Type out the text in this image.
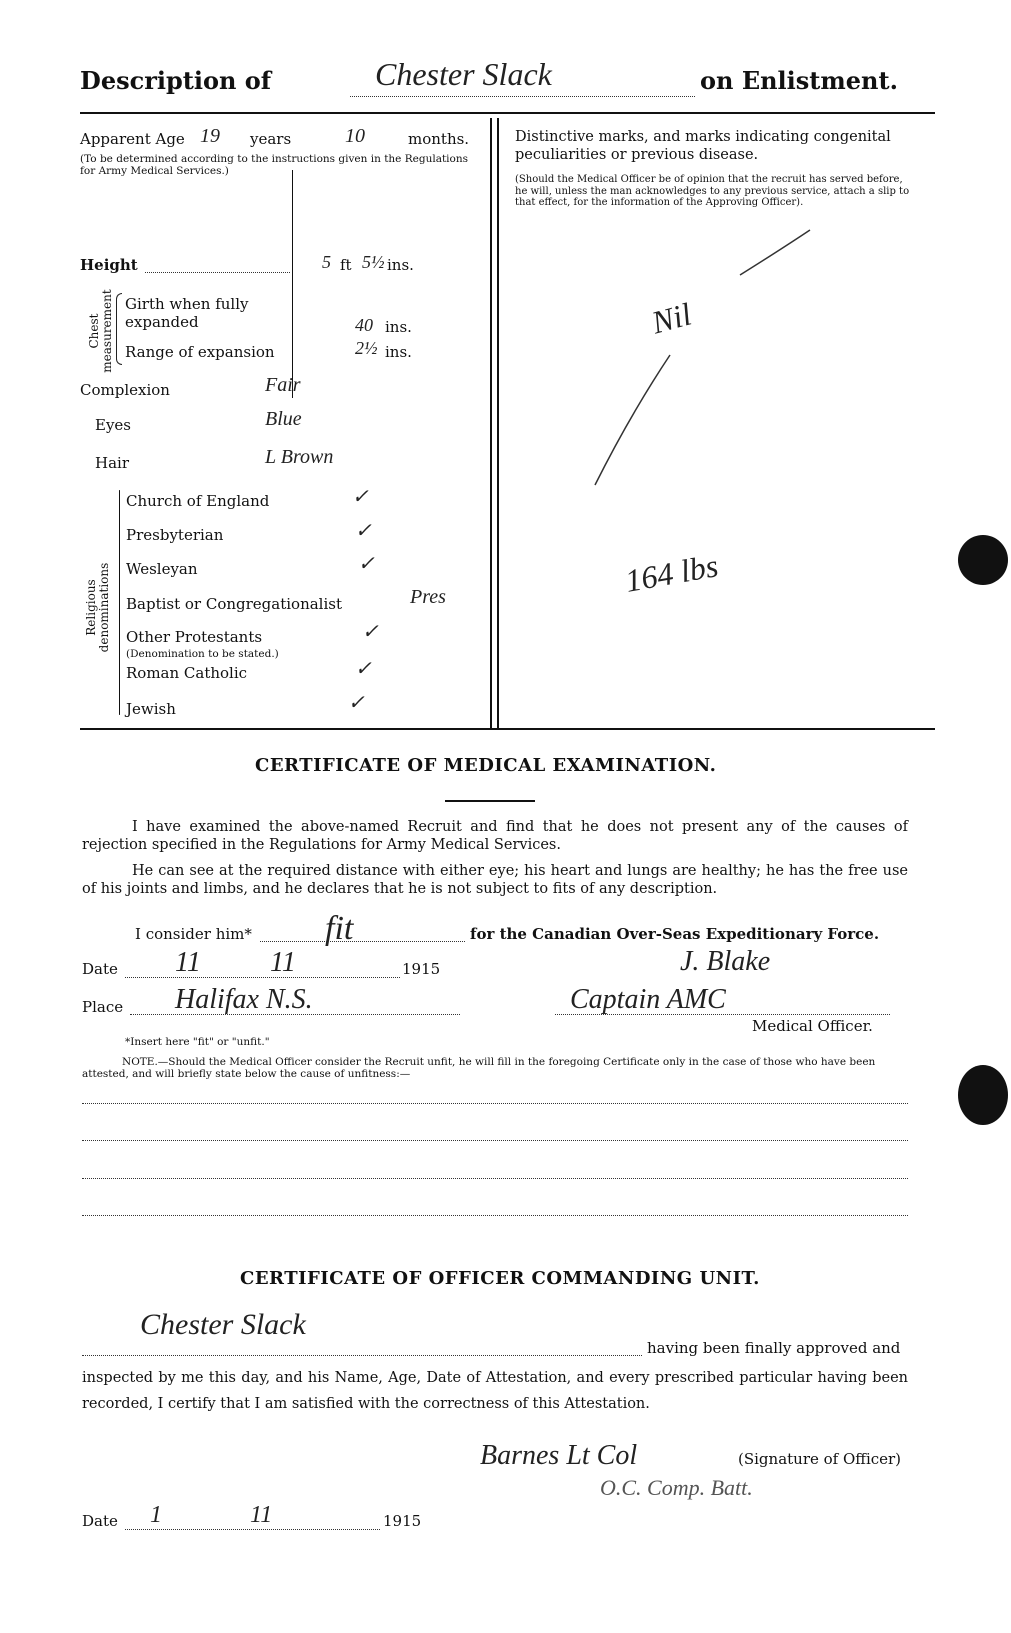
Description of	Chester Slack	on Enlistment.
Apparent Age 19 years	10	months.
(To be determined according to the instructions given in the Regulations for Army Medical Services.)
Height	5 ft 5½ ins.
Chest measurement Girth when fully expanded	40 ins.
Range of expansion	2½ ins.
Complexion	Fair
Eyes	Blue
Hair	L Brown
Religious denominations
Church of England	✓
Presbyterian	✓
Wesleyan	✓
Baptist or Congregationalist	Pres
Other Protestants	✓
(Denomination to be stated.)
Roman Catholic	✓
Jewish	✓
Distinctive marks, and marks indicating congenital peculiarities or previous disease.
(Should the Medical Officer be of opinion that the recruit has served before, he will, unless the man acknowledges to any previous service, attach a slip to that effect, for the information of the Approving Officer).
Nil
164 lbs
CERTIFICATE OF MEDICAL EXAMINATION.
I have examined the above-named Recruit and find that he does not present any of the causes of rejection specified in the Regulations for Army Medical Services.
He can see at the required distance with either eye; his heart and lungs are healthy; he has the free use of his joints and limbs, and he declares that he is not subject to fits of any description.
I consider him* fit	for the Canadian Over-Seas Expeditionary Force.
Date 11 11	1915	J. Blake
Place Halifax N.S.	Captain AMC
Medical Officer.
*Insert here "fit" or "unfit."
NOTE.—Should the Medical Officer consider the Recruit unfit, he will fill in the foregoing Certificate only in the case of those who have been attested, and will briefly state below the cause of unfitness:—
CERTIFICATE OF OFFICER COMMANDING UNIT.
Chester Slack
having been finally approved and
inspected by me this day, and his Name, Age, Date of Attestation, and every prescribed particular having been recorded, I certify that I am satisfied with the correctness of this Attestation.
Barnes Lt Col	(Signature of Officer)
O.C. Comp. Batt.
Date 1	11	1915
